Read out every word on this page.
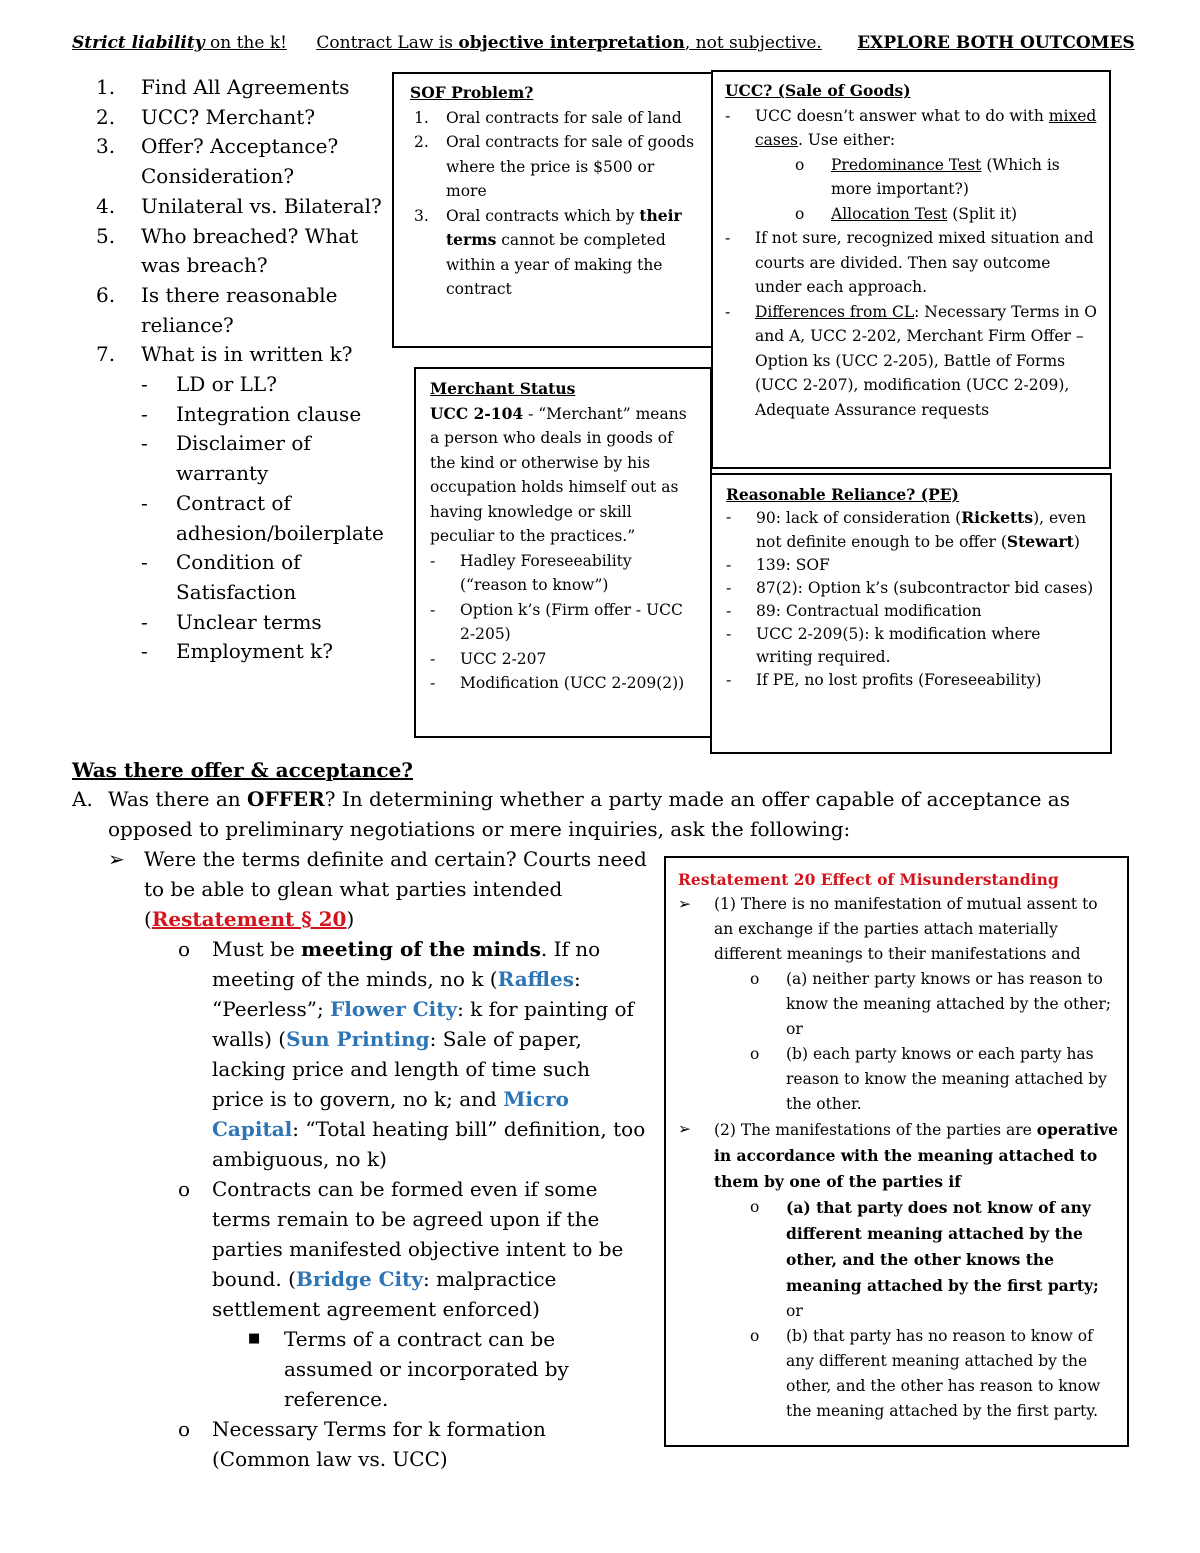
Strict liability on the k! Contract Law is objective interpretation, not subjective. EXPLORE BOTH OUTCOMES
1.	Find All Agreements
2.	UCC? Merchant?
3.	Offer? Acceptance? Consideration?
4.	Unilateral vs. Bilateral?
5.	Who breached? What was breach?
6.	Is there reasonable reliance?
7.	What is in written k?
-	LD or LL?
-	Integration clause
-	Disclaimer of warranty
-	Contract of adhesion/boilerplate
-	Condition of Satisfaction
-	Unclear terms
-	Employment k?
SOF Problem?
1.	Oral contracts for sale of land
2.	Oral contracts for sale of goods where the price is $500 or more
3.	Oral contracts which by their terms cannot be completed within a year of making the contract
UCC? (Sale of Goods)
-	UCC doesn’t answer what to do with mixed cases. Use either:
o	Predominance Test (Which is more important?)
o	Allocation Test (Split it)
-	If not sure, recognized mixed situation and courts are divided. Then say outcome under each approach.
-	Differences from CL: Necessary Terms in O and A, UCC 2-202, Merchant Firm Offer – Option ks (UCC 2-205), Battle of Forms (UCC 2-207), modification (UCC 2-209), Adequate Assurance requests
Merchant Status
UCC 2-104 - “Merchant” means a person who deals in goods of the kind or otherwise by his occupation holds himself out as having knowledge or skill peculiar to the practices.”
-	Hadley Foreseeability (“reason to know”)
-	Option k’s (Firm offer - UCC 2-205)
-	UCC 2-207
-	Modification (UCC 2-209(2))
Reasonable Reliance? (PE)
-	90: lack of consideration (Ricketts), even not definite enough to be offer (Stewart)
-	139: SOF
-	87(2): Option k’s (subcontractor bid cases)
-	89: Contractual modification
-	UCC 2-209(5): k modification where writing required.
-	If PE, no lost profits (Foreseeability)
Was there offer & acceptance?
A. Was there an OFFER? In determining whether a party made an offer capable of acceptance as opposed to preliminary negotiations or mere inquiries, ask the following:
➢ Were the terms definite and certain? Courts need to be able to glean what parties intended (Restatement § 20)
o	Must be meeting of the minds. If no meeting of the minds, no k (Raffles: “Peerless”; Flower City: k for painting of walls) (Sun Printing: Sale of paper, lacking price and length of time such price is to govern, no k; and Micro Capital: “Total heating bill” definition, too ambiguous, no k)
o	Contracts can be formed even if some terms remain to be agreed upon if the parties manifested objective intent to be bound. (Bridge City: malpractice settlement agreement enforced)
■	Terms of a contract can be assumed or incorporated by reference.
o	Necessary Terms for k formation (Common law vs. UCC)
Restatement 20 Effect of Misunderstanding
➢	(1) There is no manifestation of mutual assent to an exchange if the parties attach materially different meanings to their manifestations and
o	(a) neither party knows or has reason to know the meaning attached by the other; or
o	(b) each party knows or each party has reason to know the meaning attached by the other.
➢	(2) The manifestations of the parties are operative in accordance with the meaning attached to them by one of the parties if
o	(a) that party does not know of any different meaning attached by the other, and the other knows the meaning attached by the first party; or
o	(b) that party has no reason to know of any different meaning attached by the other, and the other has reason to know the meaning attached by the first party.
